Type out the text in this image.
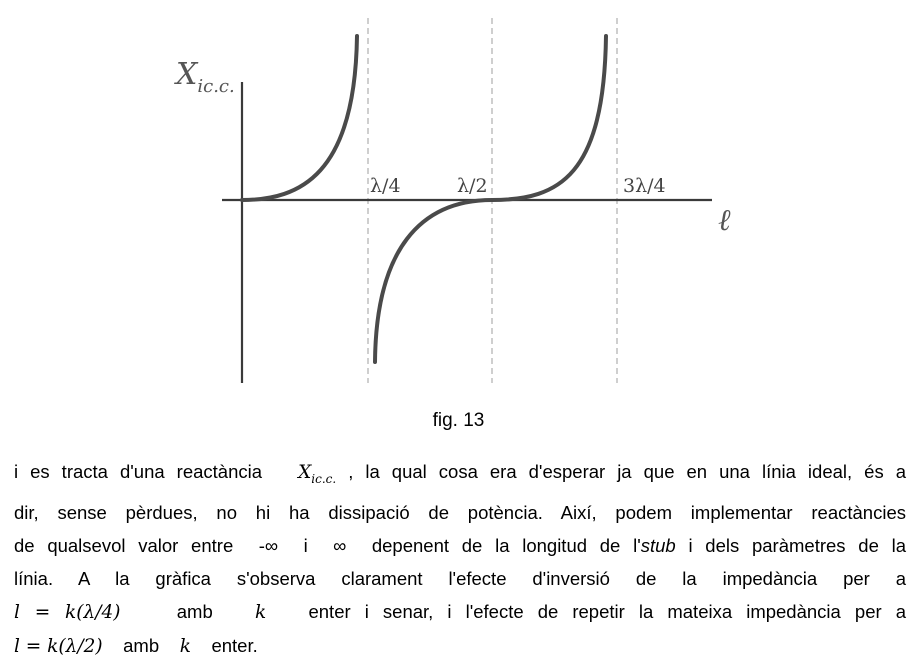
$X_{ic.c.}$
ℓ
λ/4	λ/2	3λ/4
fig. 13
i es tracta d'una reactància $X_{ic.c.}$ , la qual cosa era d'esperar ja que en una línia ideal, és a
dir, sense pèrdues, no hi ha dissipació de potència. Així, podem implementar reactàncies
de qualsevol valor entre -∞ i ∞ depenent de la longitud de l'stub i dels paràmetres de la
línia. A la gràfica s'observa clarament l'efecte d'inversió de la impedància per a
l = k(λ/4)	amb k enter i senar, i l'efecte de repetir la mateixa impedància per a
l = k(λ/2) amb k enter.
